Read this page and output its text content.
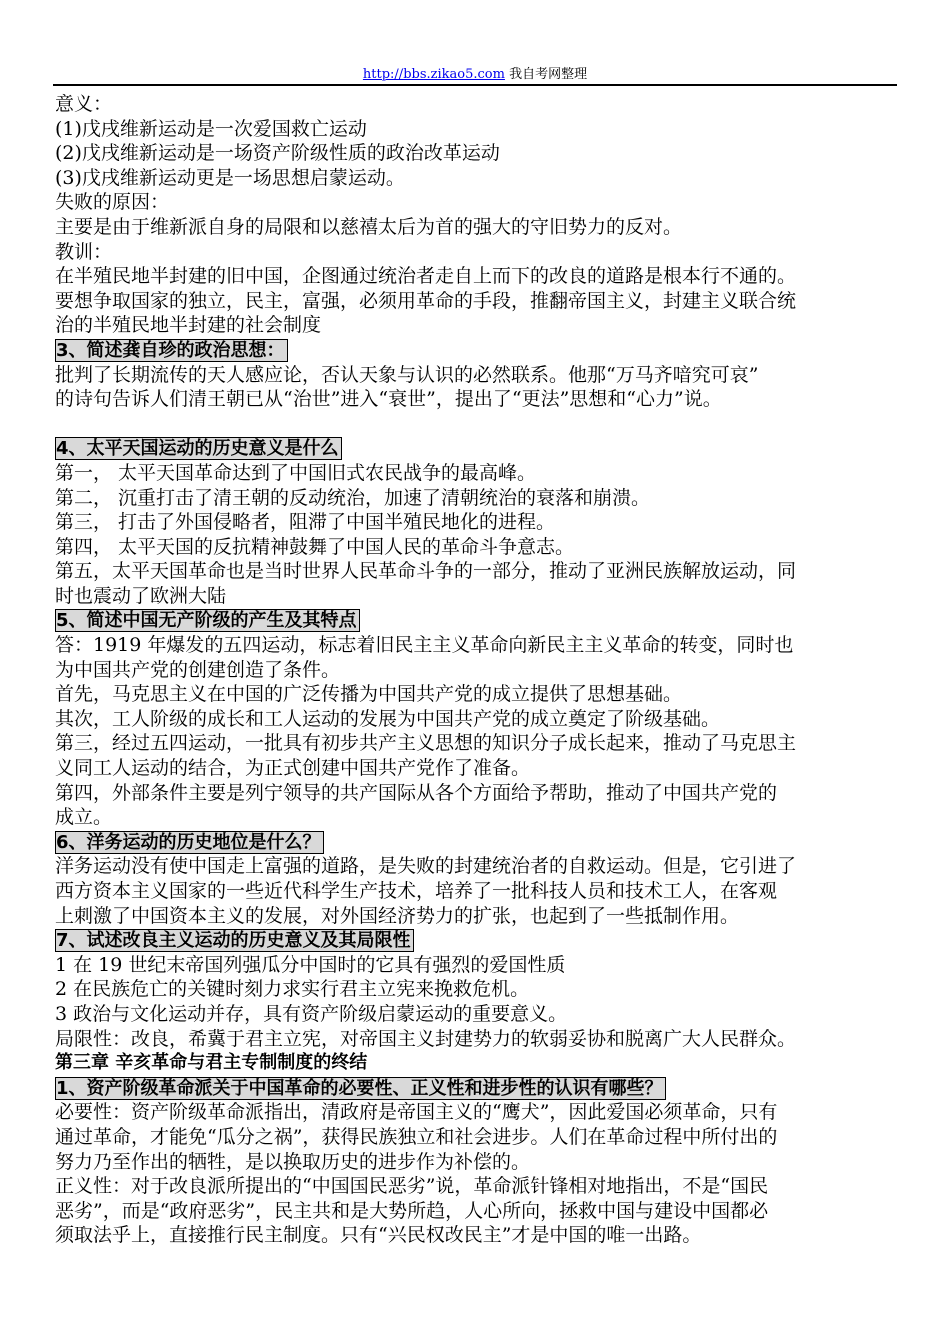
http://bbs.zikao5.com 我自考网整理
意义：
(1)戊戌维新运动是一次爱国救亡运动
(2)戊戌维新运动是一场资产阶级性质的政治改革运动
(3)戊戌维新运动更是一场思想启蒙运动。
失败的原因：
主要是由于维新派自身的局限和以慈禧太后为首的强大的守旧势力的反对。
教训：
在半殖民地半封建的旧中国，企图通过统治者走自上而下的改良的道路是根本行不通的。
要想争取国家的独立，民主，富强，必须用革命的手段，推翻帝国主义，封建主义联合统
治的半殖民地半封建的社会制度
3、简述龚自珍的政治思想：
批判了长期流传的天人感应论，否认天象与认识的必然联系。他那“万马齐喑究可哀”
的诗句告诉人们清王朝已从“治世”进入“衰世”，提出了“更法”思想和“心力”说。
4、太平天国运动的历史意义是什么
第一， 太平天国革命达到了中国旧式农民战争的最高峰。
第二， 沉重打击了清王朝的反动统治，加速了清朝统治的衰落和崩溃。
第三， 打击了外国侵略者，阻滞了中国半殖民地化的进程。
第四， 太平天国的反抗精神鼓舞了中国人民的革命斗争意志。
第五，太平天国革命也是当时世界人民革命斗争的一部分，推动了亚洲民族解放运动，同
时也震动了欧洲大陆
5、简述中国无产阶级的产生及其特点
答：1919 年爆发的五四运动，标志着旧民主主义革命向新民主主义革命的转变，同时也
为中国共产党的创建创造了条件。
首先，马克思主义在中国的广泛传播为中国共产党的成立提供了思想基础。
其次，工人阶级的成长和工人运动的发展为中国共产党的成立奠定了阶级基础。
第三，经过五四运动，一批具有初步共产主义思想的知识分子成长起来，推动了马克思主
义同工人运动的结合，为正式创建中国共产党作了准备。
第四，外部条件主要是列宁领导的共产国际从各个方面给予帮助，推动了中国共产党的
成立。
6、洋务运动的历史地位是什么？
洋务运动没有使中国走上富强的道路，是失败的封建统治者的自救运动。但是，它引进了
西方资本主义国家的一些近代科学生产技术，培养了一批科技人员和技术工人，在客观
上刺激了中国资本主义的发展，对外国经济势力的扩张，也起到了一些抵制作用。
7、试述改良主义运动的历史意义及其局限性
1 在 19 世纪末帝国列强瓜分中国时的它具有强烈的爱国性质
2 在民族危亡的关键时刻力求实行君主立宪来挽救危机。
3 政治与文化运动并存，具有资产阶级启蒙运动的重要意义。
局限性：改良，希冀于君主立宪，对帝国主义封建势力的软弱妥协和脱离广大人民群众。
第三章 辛亥革命与君主专制制度的终结
1、资产阶级革命派关于中国革命的必要性、正义性和进步性的认识有哪些？
必要性：资产阶级革命派指出，清政府是帝国主义的“鹰犬”，因此爱国必须革命，只有
通过革命，才能免“瓜分之祸”，获得民族独立和社会进步。人们在革命过程中所付出的
努力乃至作出的牺牲，是以换取历史的进步作为补偿的。
正义性：对于改良派所提出的“中国国民恶劣”说，革命派针锋相对地指出，不是“国民
恶劣”，而是“政府恶劣”，民主共和是大势所趋，人心所向，拯救中国与建设中国都必
须取法乎上，直接推行民主制度。只有“兴民权改民主”才是中国的唯一出路。
